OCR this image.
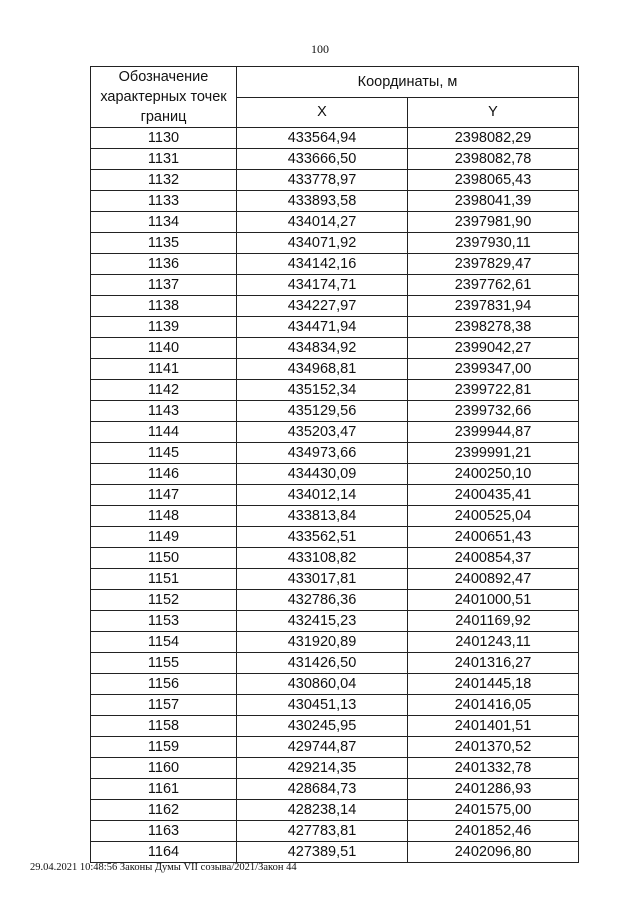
100
Обозначение характерных точек границ	Координаты, м	
	X	Y
1130	433564,94	2398082,29
1131	433666,50	2398082,78
1132	433778,97	2398065,43
1133	433893,58	2398041,39
1134	434014,27	2397981,90
1135	434071,92	2397930,11
1136	434142,16	2397829,47
1137	434174,71	2397762,61
1138	434227,97	2397831,94
1139	434471,94	2398278,38
1140	434834,92	2399042,27
1141	434968,81	2399347,00
1142	435152,34	2399722,81
1143	435129,56	2399732,66
1144	435203,47	2399944,87
1145	434973,66	2399991,21
1146	434430,09	2400250,10
1147	434012,14	2400435,41
1148	433813,84	2400525,04
1149	433562,51	2400651,43
1150	433108,82	2400854,37
1151	433017,81	2400892,47
1152	432786,36	2401000,51
1153	432415,23	2401169,92
1154	431920,89	2401243,11
1155	431426,50	2401316,27
1156	430860,04	2401445,18
1157	430451,13	2401416,05
1158	430245,95	2401401,51
1159	429744,87	2401370,52
1160	429214,35	2401332,78
1161	428684,73	2401286,93
1162	428238,14	2401575,00
1163	427783,81	2401852,46
1164	427389,51	2402096,80
29.04.2021 10:48:56 Законы Думы VII созыва/2021/Закон 44
